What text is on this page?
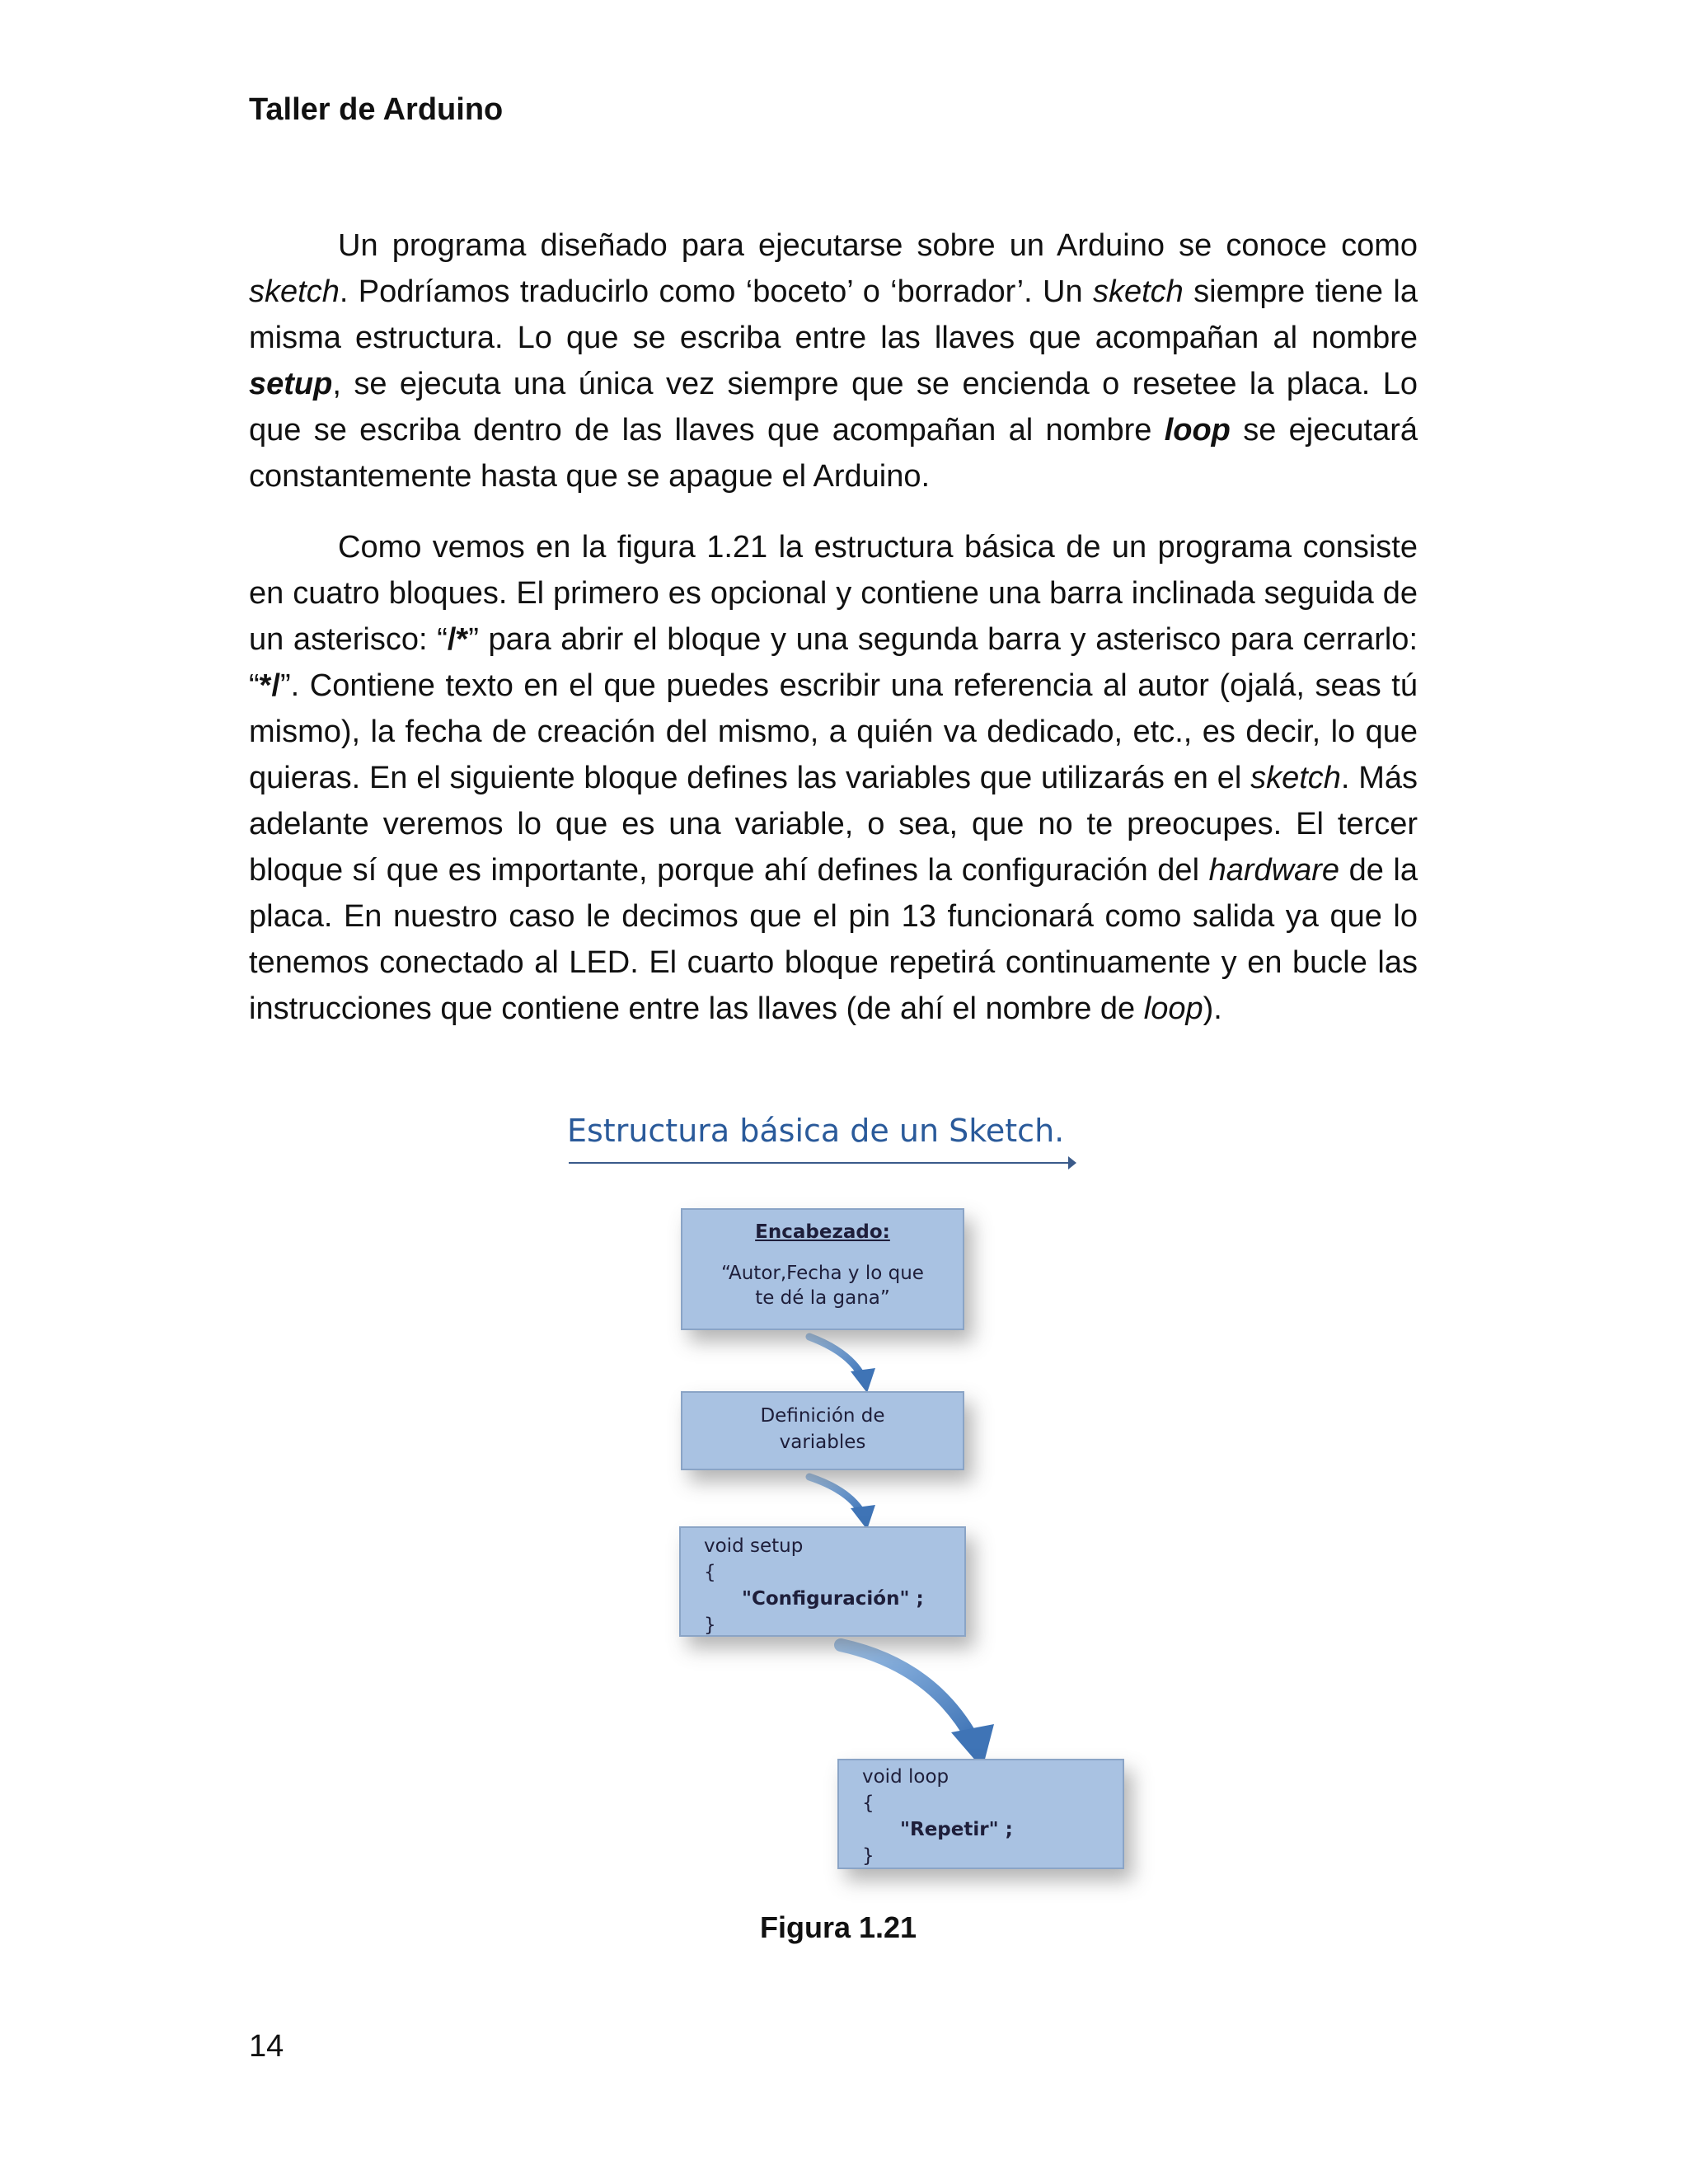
Taller de Arduino

Un programa diseñado para ejecutarse sobre un Arduino se conoce como sketch. Podríamos traducirlo como ‘boceto’ o ‘borrador’. Un sketch siempre tiene la misma estructura. Lo que se escriba entre las llaves que acompañan al nombre setup, se ejecuta una única vez siempre que se encienda o resetee la placa. Lo que se escriba dentro de las llaves que acompañan al nombre loop se ejecutará constantemente hasta que se apague el Arduino.

Como vemos en la figura 1.21 la estructura básica de un programa consiste en cuatro bloques. El primero es opcional y contiene una barra inclinada seguida de un asterisco: “/*” para abrir el bloque y una segunda barra y asterisco para cerrarlo: “*/”. Contiene texto en el que puedes escribir una referencia al autor (ojalá, seas tú mismo), la fecha de creación del mismo, a quién va dedicado, etc., es decir, lo que quieras. En el siguiente bloque defines las variables que utilizarás en el sketch. Más adelante veremos lo que es una variable, o sea, que no te preocupes. El tercer bloque sí que es importante, porque ahí defines la configuración del hardware de la placa. En nuestro caso le decimos que el pin 13 funcionará como salida ya que lo tenemos conectado al LED. El cuarto bloque repetirá continuamente y en bucle las instrucciones que contiene entre las llaves (de ahí el nombre de loop).

Estructura básica de un Sketch.
Encabezado:
“Autor,Fecha y lo que
te dé la gana”
Definición de
variables
void setup
{
"Configuración" ;
}
void loop
{
"Repetir" ;
}
Figura 1.21
14
